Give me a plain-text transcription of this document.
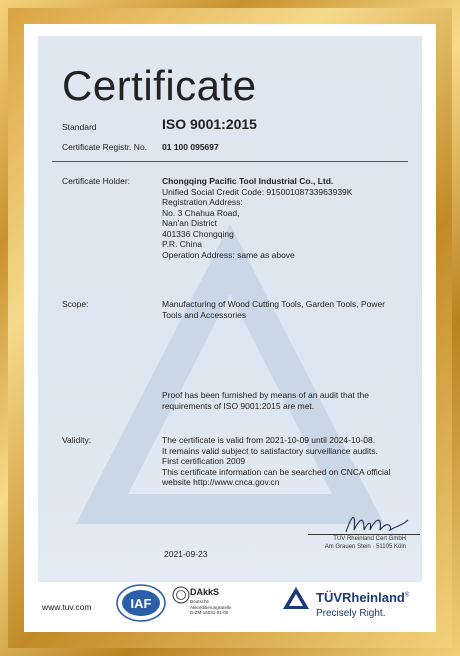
Certificate
Standard	ISO 9001:2015
Certificate Registr. No. 01 100 095697
Certificate Holder:	Chongqing Pacific Tool Industrial Co., Ltd.
Unified Social Credit Code: 91500108733963939K
Registration Address:
No. 3 Chahua Road,
Nan'an District
401336 Chongqing
P.R. China
Operation Address: same as above
Scope:	Manufacturing of Wood Cutting Tools, Garden Tools, Power
Tools and Accessories
Proof has been furnished by means of an audit that the
requirements of ISO 9001:2015 are met.
Validity:	The certificate is valid from 2021-10-09 until 2024-10-08.
It remains valid subject to satisfactory surveillance audits.
First certification 2009
This certificate information can be searched on CNCA official
website http://www.cnca.gov.cn
2021-09-23
TÜV Rheinland Cert GmbH
Am Grauen Stein · 51105 Köln
www.tuv.com	IAF
DAkkS
Deutsche
Akkreditierungsstelle
D-ZM-16031-01-00
TÜVRheinland®
Precisely Right.
